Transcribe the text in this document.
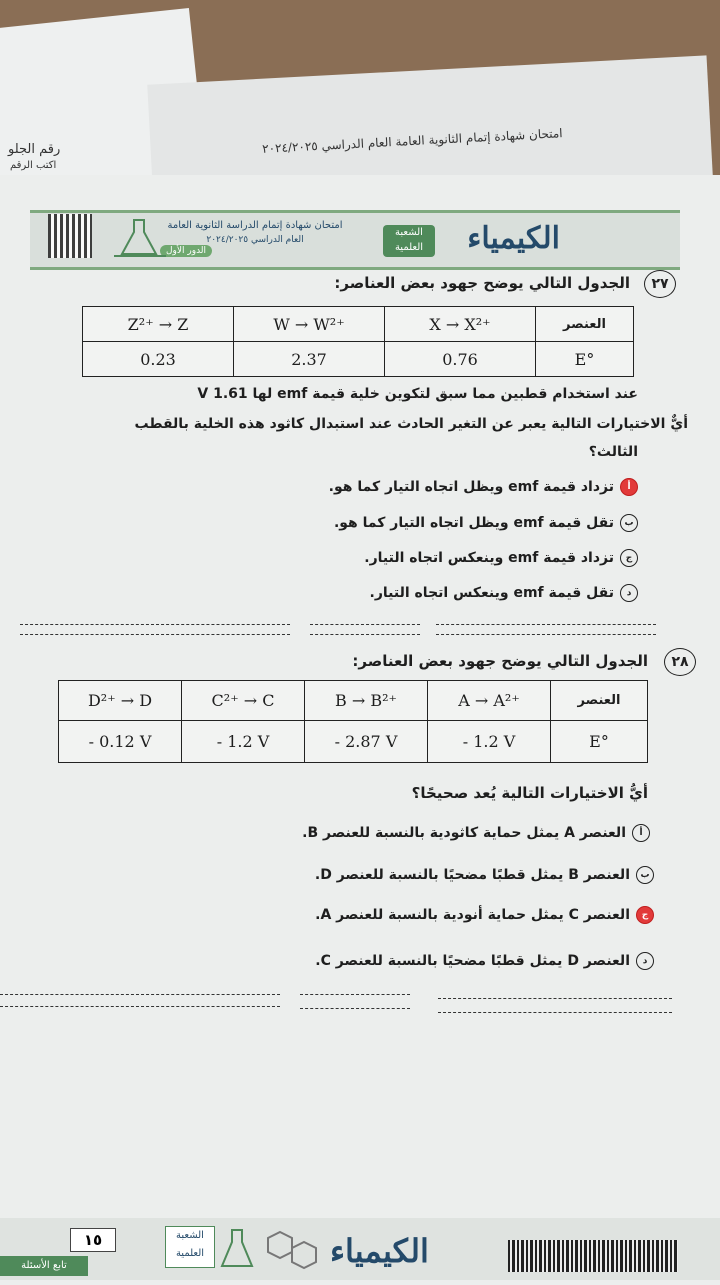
رقم الجلو
اكتب الرقم
امتحان شهادة إتمام الثانوية العامة العام الدراسي ٢٠٢٤/٢٠٢٥
الكيمياء
الشعبة العلمية
امتحان شهادة إتمام الدراسة الثانوية العامة
العام الدراسي ٢٠٢٤/٢٠٢٥
الدور الأول
٢٧
الجدول التالي يوضح جهود بعض العناصر:
Z²⁺ → Z	W → W²⁺	X → X²⁺	العنصر
0.23	2.37	0.76	E°
عند استخدام قطبين مما سبق لتكوين خلية قيمة emf لها 1.61 V
أيٌّ الاختيارات التالية يعبر عن التغير الحادث عند استبدال كاثود هذه الخلية بالقطب
الثالث؟
أتزداد قيمة emf ويظل اتجاه التيار كما هو.
بتقل قيمة emf ويظل اتجاه التيار كما هو.
جتزداد قيمة emf وينعكس اتجاه التيار.
دتقل قيمة emf وينعكس اتجاه التيار.
٢٨
الجدول التالي يوضح جهود بعض العناصر:
D²⁺ → D	C²⁺ → C	B → B²⁺	A → A²⁺	العنصر
- 0.12 V	- 1.2 V	- 2.87 V	- 1.2 V	E°
أيُّ الاختيارات التالية يُعد صحيحًا؟
أالعنصر A يمثل حماية كاثودية بالنسبة للعنصر B.
بالعنصر B يمثل قطبًا مضحيًا بالنسبة للعنصر D.
جالعنصر C يمثل حماية أنودية بالنسبة للعنصر A.
دالعنصر D يمثل قطبًا مضحيًا بالنسبة للعنصر C.
الكيمياء
الشعبة العلمية
١٥
تابع الأسئلة
